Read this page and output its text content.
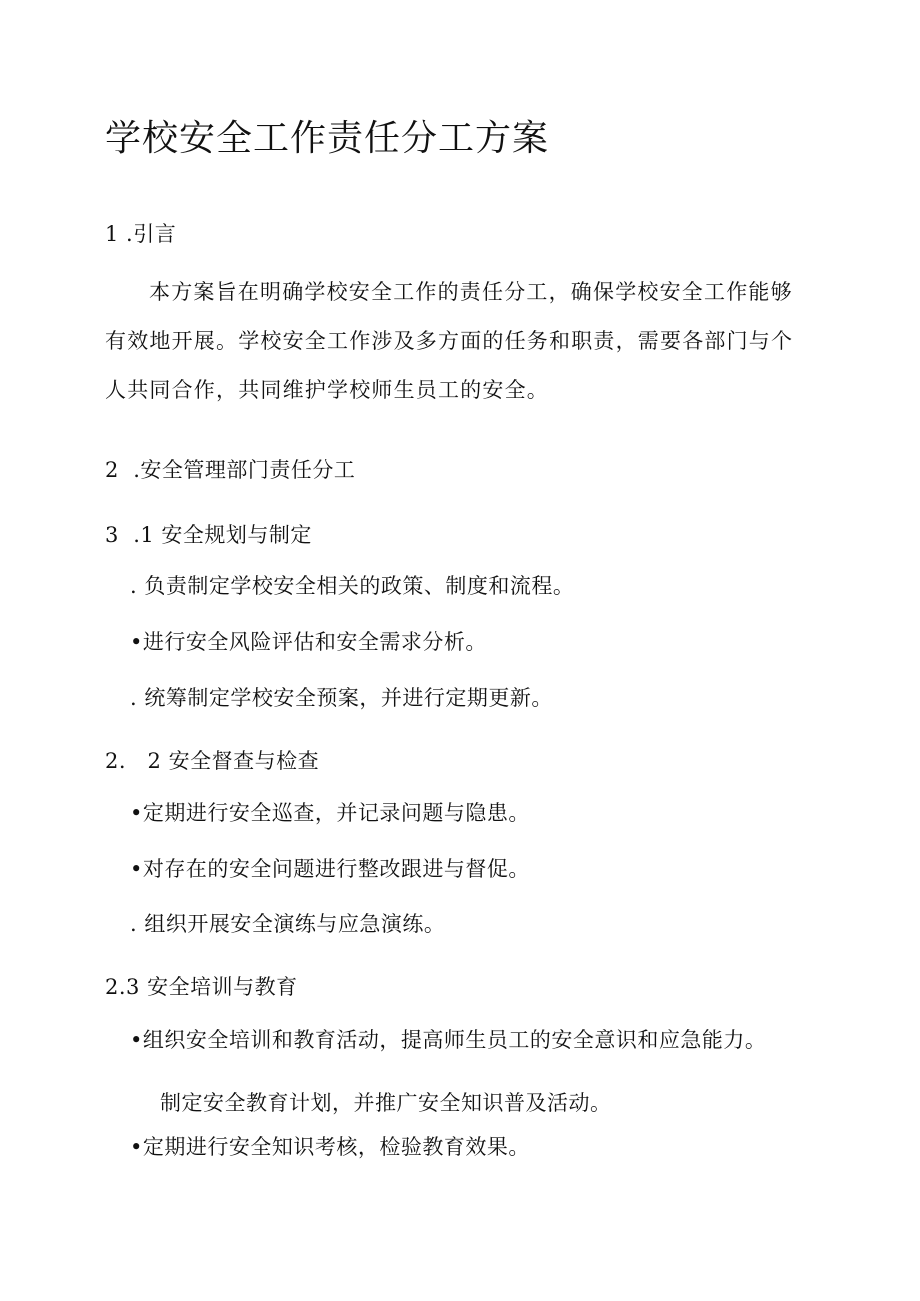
学校安全工作责任分工方案
1 .引言
本方案旨在明确学校安全工作的责任分工，确保学校安全工作能够有效地开展。学校安全工作涉及多方面的任务和职责，需要各部门与个人共同合作，共同维护学校师生员工的安全。
2  .安全管理部门责任分工
3  .1 安全规划与制定
. 负责制定学校安全相关的政策、制度和流程。
•进行安全风险评估和安全需求分析。
. 统筹制定学校安全预案，并进行定期更新。
2.   2 安全督查与检查
•定期进行安全巡查，并记录问题与隐患。
•对存在的安全问题进行整改跟进与督促。
. 组织开展安全演练与应急演练。
2.3 安全培训与教育
•组织安全培训和教育活动，提高师生员工的安全意识和应急能力。
制定安全教育计划，并推广安全知识普及活动。
•定期进行安全知识考核，检验教育效果。
